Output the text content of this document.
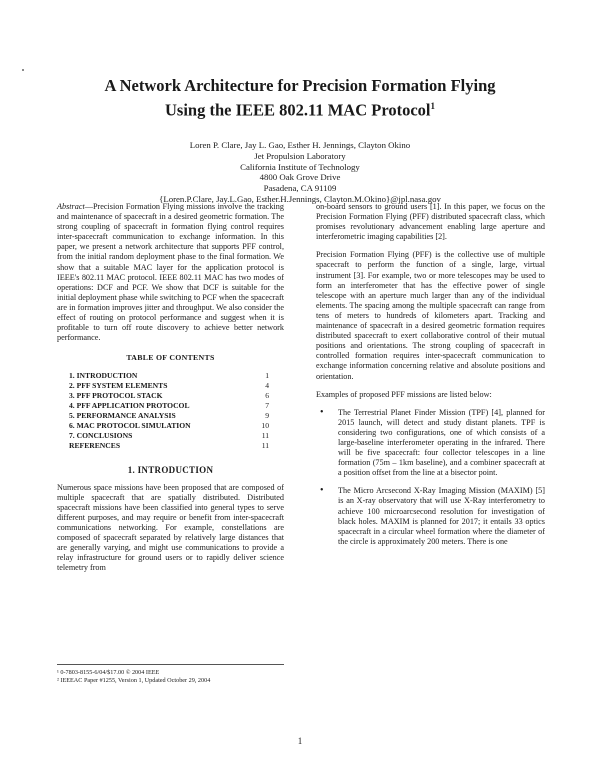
A Network Architecture for Precision Formation Flying
Using the IEEE 802.11 MAC Protocol$^1$
Loren P. Clare, Jay L. Gao, Esther H. Jennings, Clayton Okino
Jet Propulsion Laboratory
California Institute of Technology
4800 Oak Grove Drive
Pasadena, CA 91109
{Loren.P.Clare, Jay.L.Gao, Esther.H.Jennings, Clayton.M.Okino}@jpl.nasa.gov

Abstract—Precision Formation Flying missions involve the tracking and maintenance of spacecraft in a desired geometric formation. The strong coupling of spacecraft in formation flying control requires inter-spacecraft communication to exchange information. In this paper, we present a network architecture that supports PFF control, from the initial random deployment phase to the final formation. We show that a suitable MAC layer for the application protocol is IEEE's 802.11 MAC protocol. IEEE 802.11 MAC has two modes of operations: DCF and PCF. We show that DCF is suitable for the initial deployment phase while switching to PCF when the spacecraft are in formation improves jitter and throughput. We also consider the effect of routing on protocol performance and suggest when it is profitable to turn off route discovery to achieve better network performance.

TABLE OF CONTENTS
1. INTRODUCTION	1
2. PFF SYSTEM ELEMENTS	4
3. PFF PROTOCOL STACK	6
4. PFF APPLICATION PROTOCOL	7
5. PERFORMANCE ANALYSIS	9
6. MAC PROTOCOL SIMULATION	10
7. CONCLUSIONS	11
REFERENCES	11
1. INTRODUCTION

Numerous space missions have been proposed that are composed of multiple spacecraft that are spatially distributed. Distributed spacecraft missions have been classified into general types to serve different purposes, and may require or benefit from inter-spacecraft communications networking. For example, constellations are composed of spacecraft separated by relatively large distances that are generally varying, and might use communications to provide a relay infrastructure for ground users or to rapidly deliver science telemetry from

¹ 0-7803-8155-6/04/$17.00 © 2004 IEEE
² IEEEAC Paper #1255, Version 1, Updated October 29, 2004

on-board sensors to ground users [1]. In this paper, we focus on the Precision Formation Flying (PFF) distributed spacecraft class, which promises revolutionary advancement enabling large aperture and interferometric imaging capabilities [2].

Precision Formation Flying (PFF) is the collective use of multiple spacecraft to perform the function of a single, large, virtual instrument [3]. For example, two or more telescopes may be used to form an interferometer that has the effective power of single telescope with an aperture much larger than any of the individual elements. The spacing among the multiple spacecraft can range from tens of meters to hundreds of kilometers apart. Tracking and maintenance of spacecraft in a desired geometric formation requires distributed spacecraft to exert collaborative control of their mutual positions and orientations. The strong coupling of spacecraft in controlled formation requires inter-spacecraft communication to exchange information concerning relative and absolute positions and orientation.

Examples of proposed PFF missions are listed below:

• The Terrestrial Planet Finder Mission (TPF) [4], planned for 2015 launch, will detect and study distant planets. TPF is considering two configurations, one of which consists of a large-baseline interferometer operating in the infrared. There will be five spacecraft: four collector telescopes in a line formation (75m – 1km baseline), and a combiner spacecraft at a position offset from the line at a bisector point.
• The Micro Arcsecond X-Ray Imaging Mission (MAXIM) [5] is an X-ray observatory that will use X-Ray interferometry to achieve 100 microarcsecond resolution for investigation of black holes. MAXIM is planned for 2017; it entails 33 optics spacecraft in a circular wheel formation where the diameter of the circle is approximately 200 meters. There is one
1
